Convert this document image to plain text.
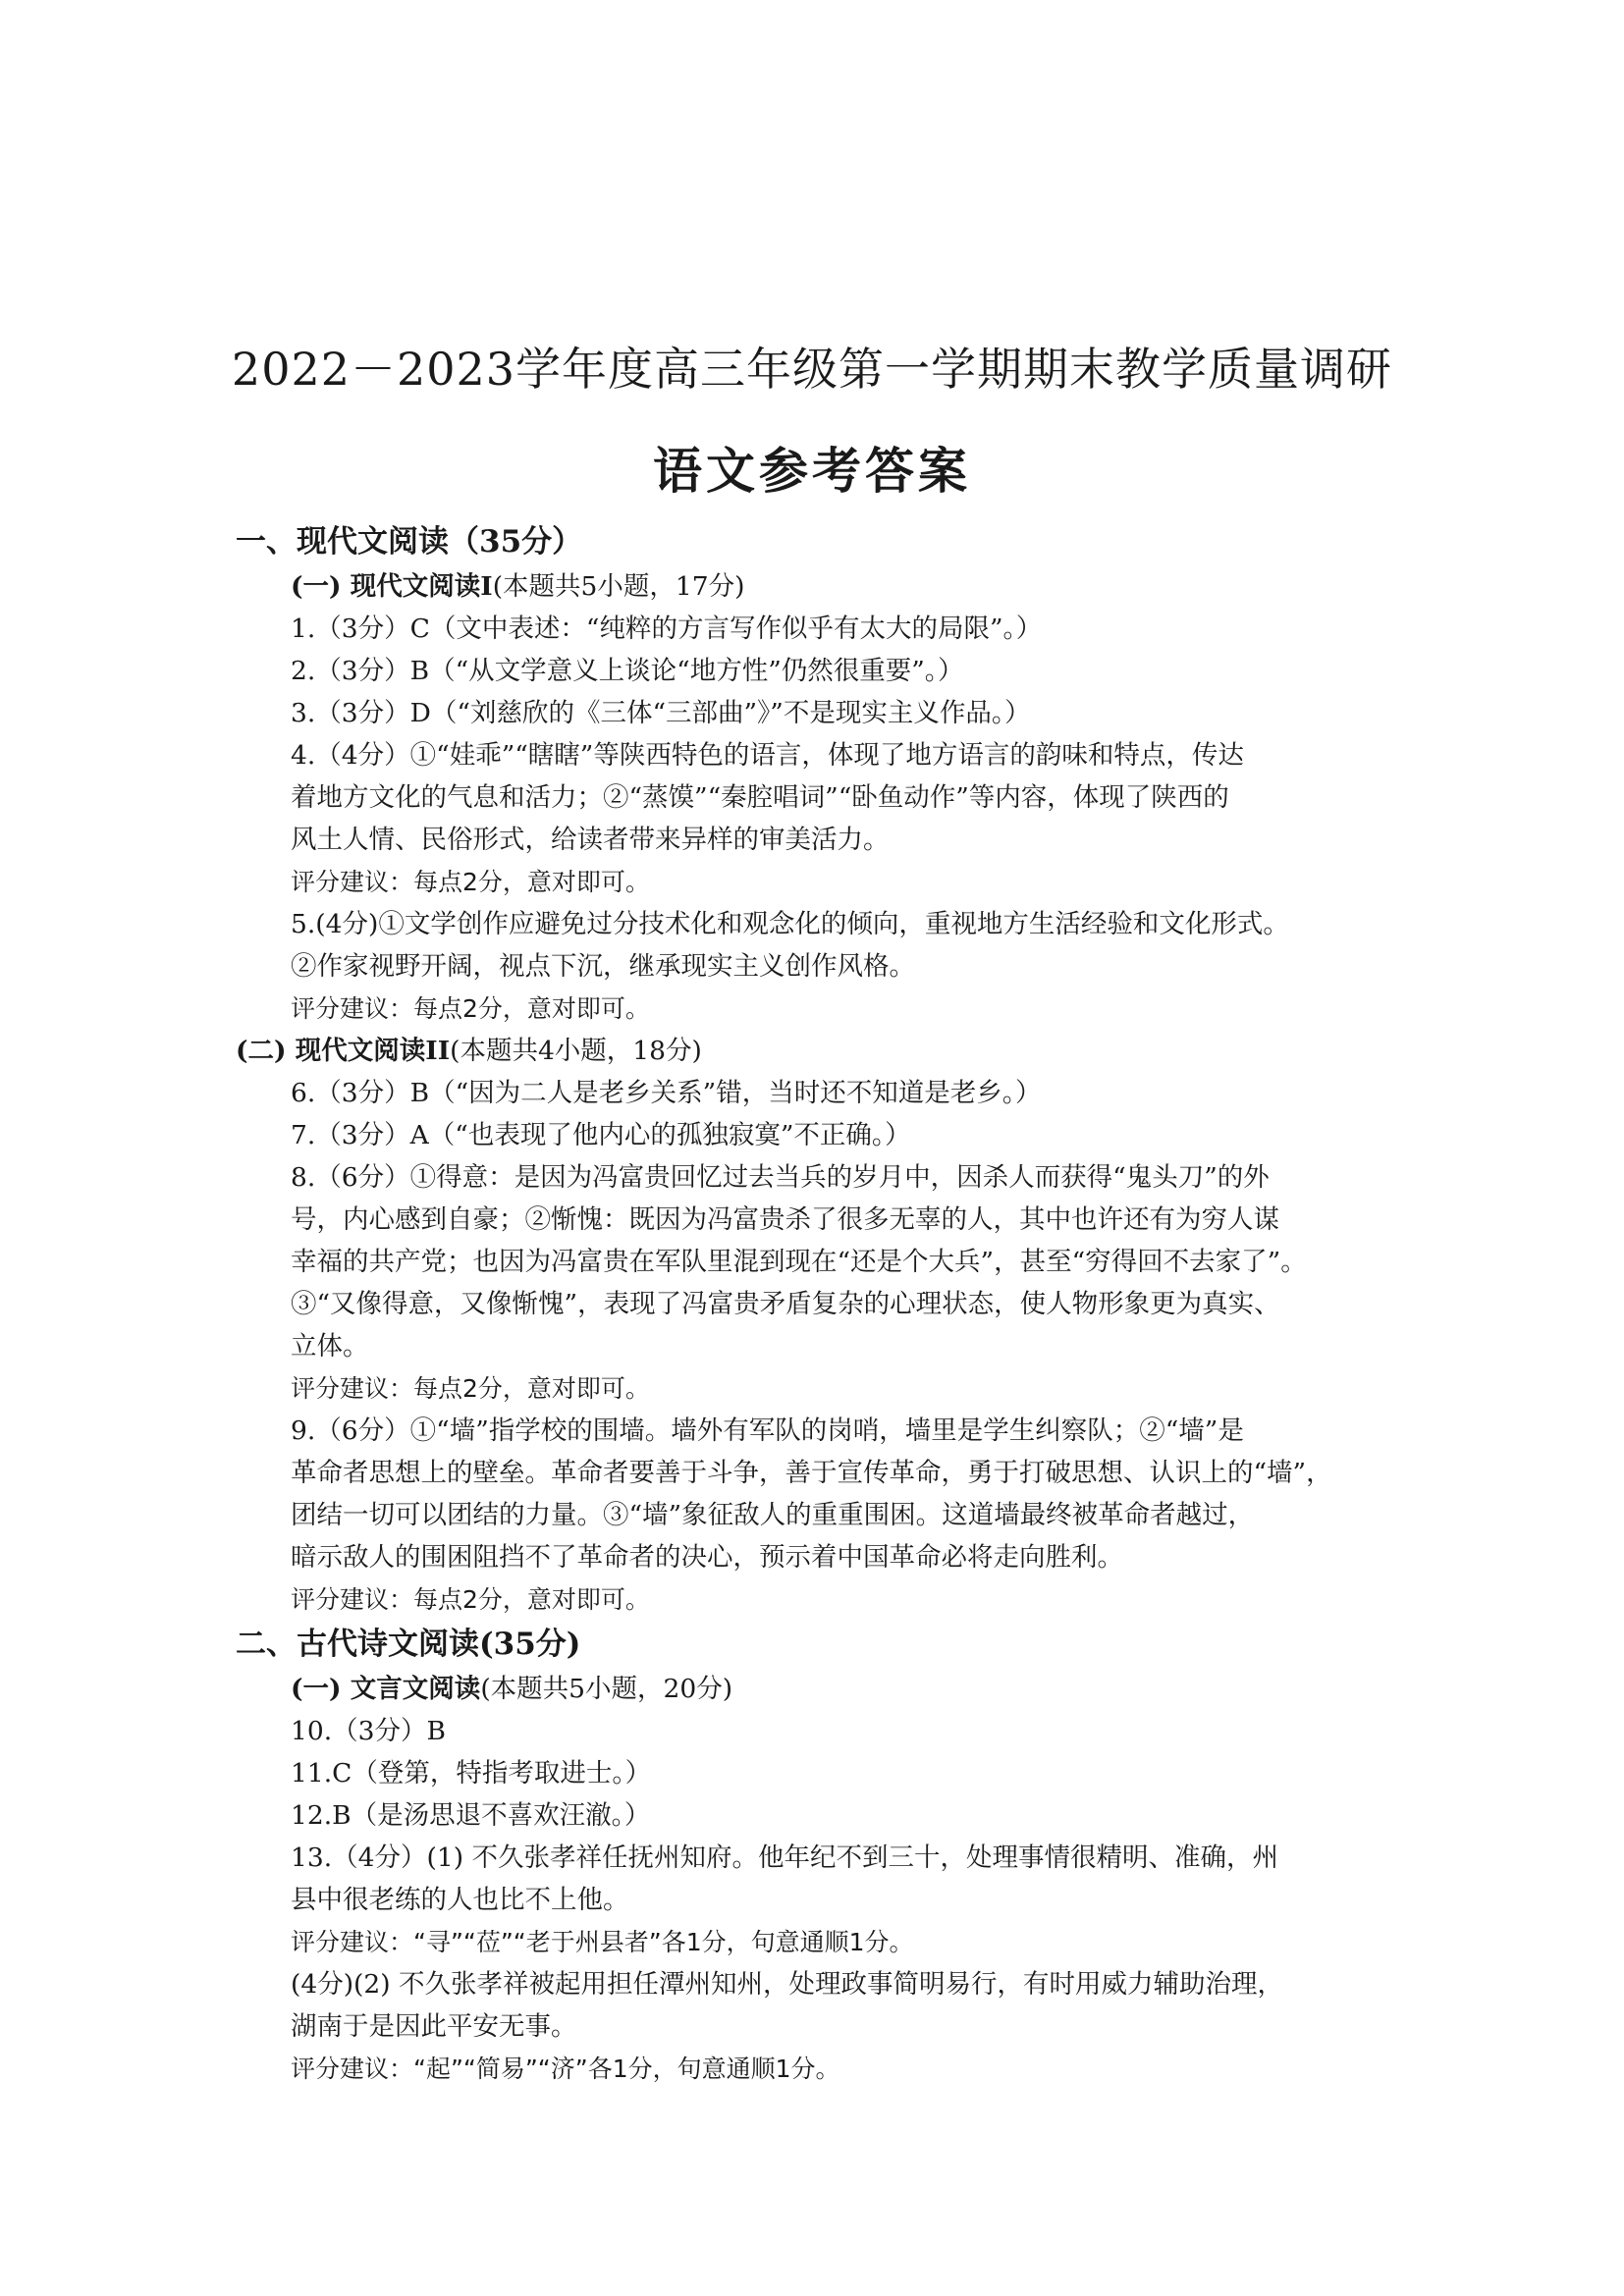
2022－2023学年度高三年级第一学期期末教学质量调研
语文参考答案
一、现代文阅读（35分）
(一) 现代文阅读Ⅰ(本题共5小题，17分)
1.（3分）C（文中表述：“纯粹的方言写作似乎有太大的局限”。）
2.（3分）B（“从文学意义上谈论“地方性”仍然很重要”。）
3.（3分）D（“刘慈欣的《三体“三部曲”》”不是现实主义作品。）
4.（4分）①“娃乖”“瞎瞎”等陕西特色的语言，体现了地方语言的韵味和特点，传达
着地方文化的气息和活力；②“蒸馍”“秦腔唱词”“卧鱼动作”等内容，体现了陕西的
风土人情、民俗形式，给读者带来异样的审美活力。
评分建议：每点2分，意对即可。
5.(4分)①文学创作应避免过分技术化和观念化的倾向，重视地方生活经验和文化形式。
②作家视野开阔，视点下沉，继承现实主义创作风格。
评分建议：每点2分，意对即可。
(二) 现代文阅读II(本题共4小题，18分)
6.（3分）B（“因为二人是老乡关系”错，当时还不知道是老乡。）
7.（3分）A（“也表现了他内心的孤独寂寞”不正确。）
8.（6分）①得意：是因为冯富贵回忆过去当兵的岁月中，因杀人而获得“鬼头刀”的外
号，内心感到自豪；②惭愧：既因为冯富贵杀了很多无辜的人，其中也许还有为穷人谋
幸福的共产党；也因为冯富贵在军队里混到现在“还是个大兵”，甚至“穷得回不去家了”。
③“又像得意，又像惭愧”，表现了冯富贵矛盾复杂的心理状态，使人物形象更为真实、
立体。
评分建议：每点2分，意对即可。
9.（6分）①“墙”指学校的围墙。墙外有军队的岗哨，墙里是学生纠察队；②“墙”是
革命者思想上的壁垒。革命者要善于斗争，善于宣传革命，勇于打破思想、认识上的“墙”，
团结一切可以团结的力量。③“墙”象征敌人的重重围困。这道墙最终被革命者越过，
暗示敌人的围困阻挡不了革命者的决心，预示着中国革命必将走向胜利。
评分建议：每点2分，意对即可。
二、古代诗文阅读(35分)
(一) 文言文阅读(本题共5小题，20分)
10.（3分）B
11.C（登第，特指考取进士。）
12.B（是汤思退不喜欢汪澈。）
13.（4分）(1) 不久张孝祥任抚州知府。他年纪不到三十，处理事情很精明、准确，州
县中很老练的人也比不上他。
评分建议：“寻”“莅”“老于州县者”各1分，句意通顺1分。
(4分)(2) 不久张孝祥被起用担任潭州知州，处理政事简明易行，有时用威力辅助治理，
湖南于是因此平安无事。
评分建议：“起”“简易”“济”各1分，句意通顺1分。
